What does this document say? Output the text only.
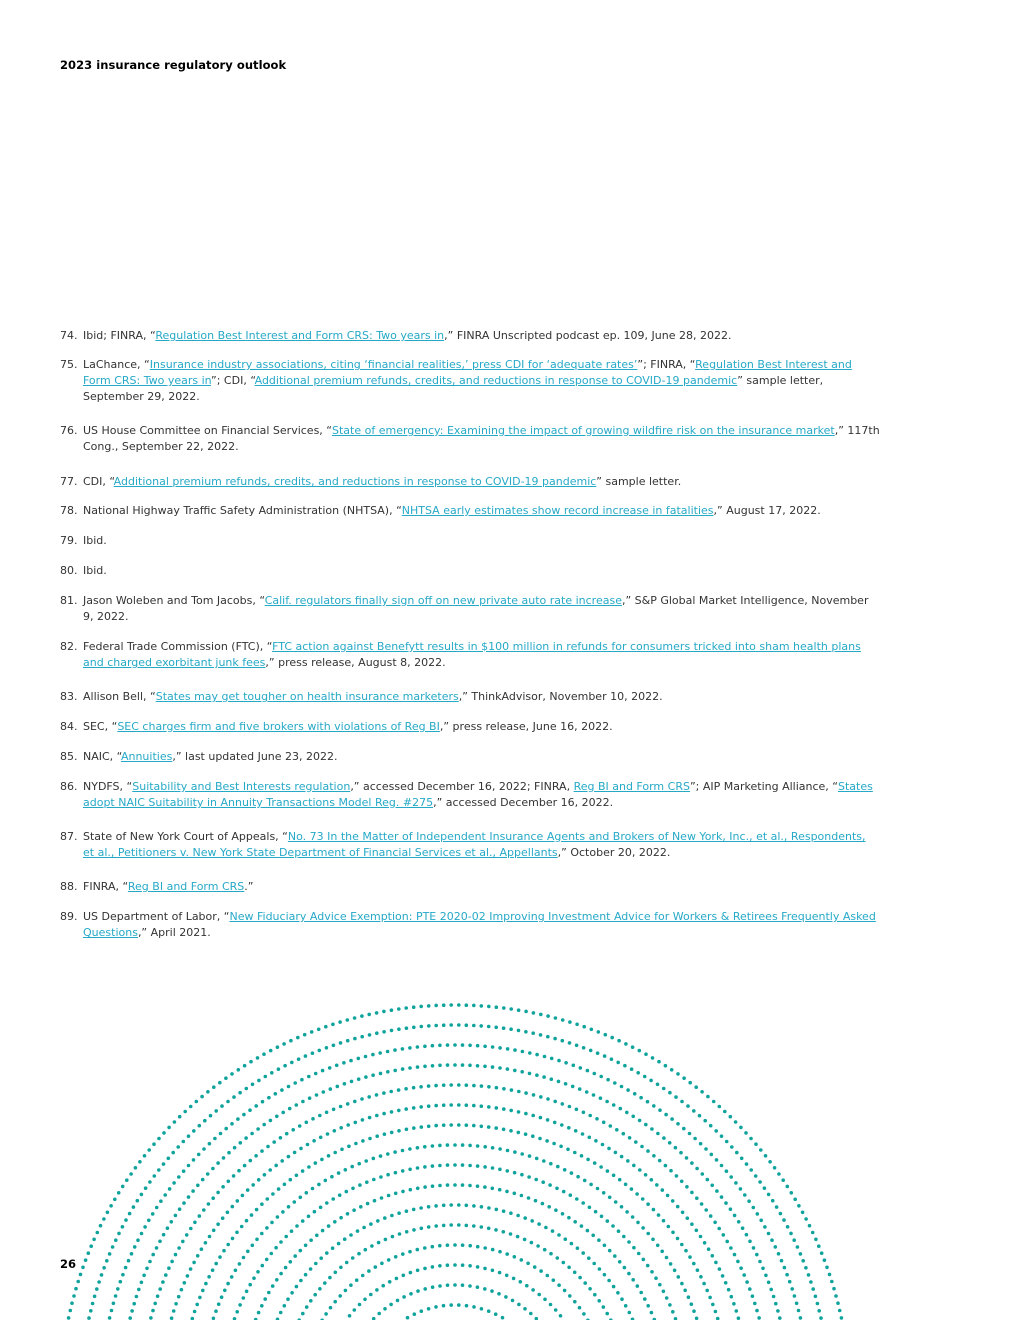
2023 insurance regulatory outlook
74. Ibid; FINRA, “Regulation Best Interest and Form CRS: Two years in,” FINRA Unscripted podcast ep. 109, June 28, 2022.
75. LaChance, “Insurance industry associations, citing ‘financial realities,’ press CDI for ‘adequate rates’”; FINRA, “Regulation Best Interest and Form CRS: Two years in”; CDI, “Additional premium refunds, credits, and reductions in response to COVID-19 pandemic” sample letter, September 29, 2022.
76. US House Committee on Financial Services, “State of emergency: Examining the impact of growing wildfire risk on the insurance market,” 117th Cong., September 22, 2022.
77. CDI, “Additional premium refunds, credits, and reductions in response to COVID-19 pandemic” sample letter.
78. National Highway Traffic Safety Administration (NHTSA), “NHTSA early estimates show record increase in fatalities,” August 17, 2022.
79. Ibid.
80. Ibid.
81. Jason Woleben and Tom Jacobs, “Calif. regulators finally sign off on new private auto rate increase,” S&P Global Market Intelligence, November 9, 2022.
82. Federal Trade Commission (FTC), “FTC action against Benefytt results in $100 million in refunds for consumers tricked into sham health plans and charged exorbitant junk fees,” press release, August 8, 2022.
83. Allison Bell, “States may get tougher on health insurance marketers,” ThinkAdvisor, November 10, 2022.
84. SEC, “SEC charges firm and five brokers with violations of Reg BI,” press release, June 16, 2022.
85. NAIC, “Annuities,” last updated June 23, 2022.
86. NYDFS, “Suitability and Best Interests regulation,” accessed December 16, 2022; FINRA, Reg BI and Form CRS”; AIP Marketing Alliance, “States adopt NAIC Suitability in Annuity Transactions Model Reg. #275,” accessed December 16, 2022.
87. State of New York Court of Appeals, “No. 73 In the Matter of Independent Insurance Agents and Brokers of New York, Inc., et al., Respondents, et al., Petitioners v. New York State Department of Financial Services et al., Appellants,” October 20, 2022.
88. FINRA, “Reg BI and Form CRS.”
89. US Department of Labor, “New Fiduciary Advice Exemption: PTE 2020-02 Improving Investment Advice for Workers & Retirees Frequently Asked Questions,” April 2021.
26
